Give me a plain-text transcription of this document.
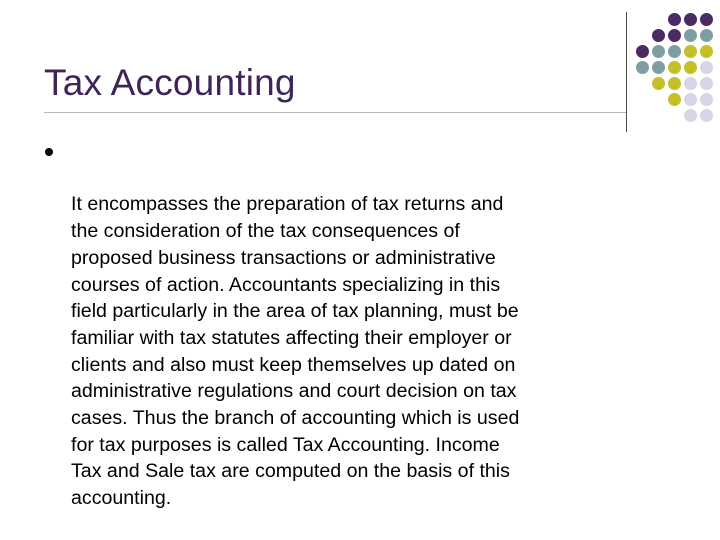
Tax Accounting

It encompasses the preparation of tax returns and
the consideration of the tax consequences of
proposed business transactions or administrative
courses of action. Accountants specializing in this
field particularly in the area of tax planning, must be
familiar with tax statutes affecting their employer or
clients and also must keep themselves up dated on
administrative regulations and court decision on tax
cases. Thus the branch of accounting which is used
for tax purposes is called Tax Accounting. Income
Tax and Sale tax are computed on the basis of this
accounting.
